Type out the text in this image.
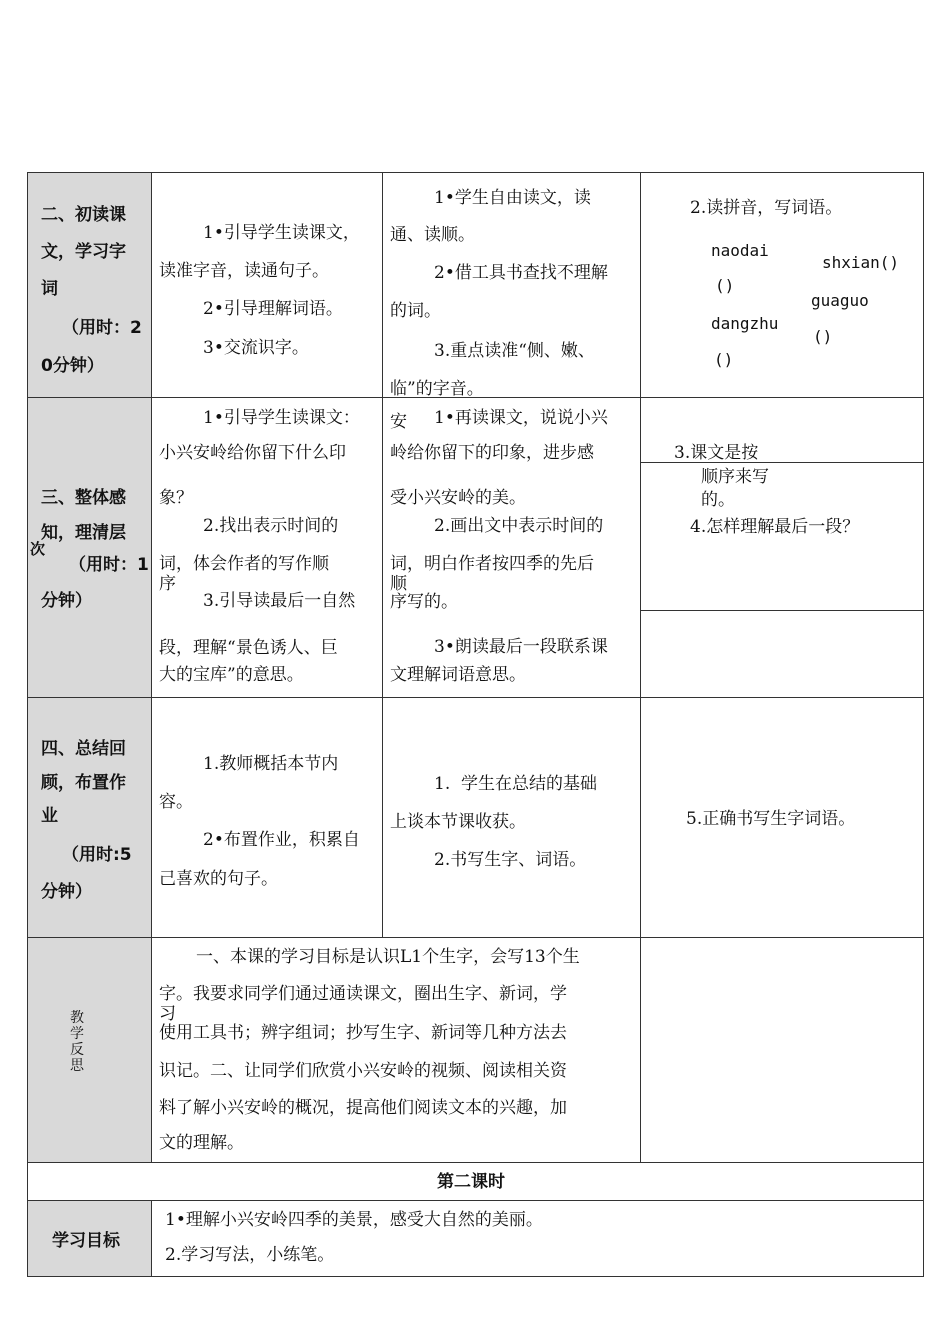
二、初读课
文，学习字
词
（用时：2
0分钟）
1•引导学生读课文，
读准字音，读通句子。
2•引导理解词语。
3•交流识字。
1•学生自由读文，读
通、读顺。
2•借工具书查找不理解
的词。
3.重点读准“侧、嫩、
临”的字音。
2.读拼音，写词语。
naodai
()
shxian()
guaguo
dangzhu
()
()
三、整体感
知，理清层
次
（用时：1
分钟）
1•引导学生读课文：
小兴安岭给你留下什么印
象？
2.找出表示时间的
词，体会作者的写作顺
序
3.引导读最后一自然
段，理解“景色诱人、巨
大的宝库”的意思。
1•再读课文，说说小兴
安
岭给你留下的印象，进步感
受小兴安岭的美。
2.画出文中表示时间的
词，明白作者按四季的先后
顺
序写的。
3•朗读最后一段联系课
文理解词语意思。
3.课文是按
顺序来写
的。
4.怎样理解最后一段？
四、总结回
顾，布置作
业
（用时:5
分钟）
1.教师概括本节内
容。
2•布置作业，积累自
己喜欢的句子。
1.  学生在总结的基础
上谈本节课收获。
2.书写生字、词语。
5.正确书写生字词语。
教
学
反
思
一、本课的学习目标是认识L1个生字，会写13个生
字。我要求同学们通过通读课文，圈出生字、新词，学
习
使用工具书；辨字组词；抄写生字、新词等几种方法去
识记。二、让同学们欣赏小兴安岭的视频、阅读相关资
料了解小兴安岭的概况，提高他们阅读文本的兴趣，加
文的理解。
第二课时
学习目标
1•理解小兴安岭四季的美景，感受大自然的美丽。
2.学习写法，小练笔。
